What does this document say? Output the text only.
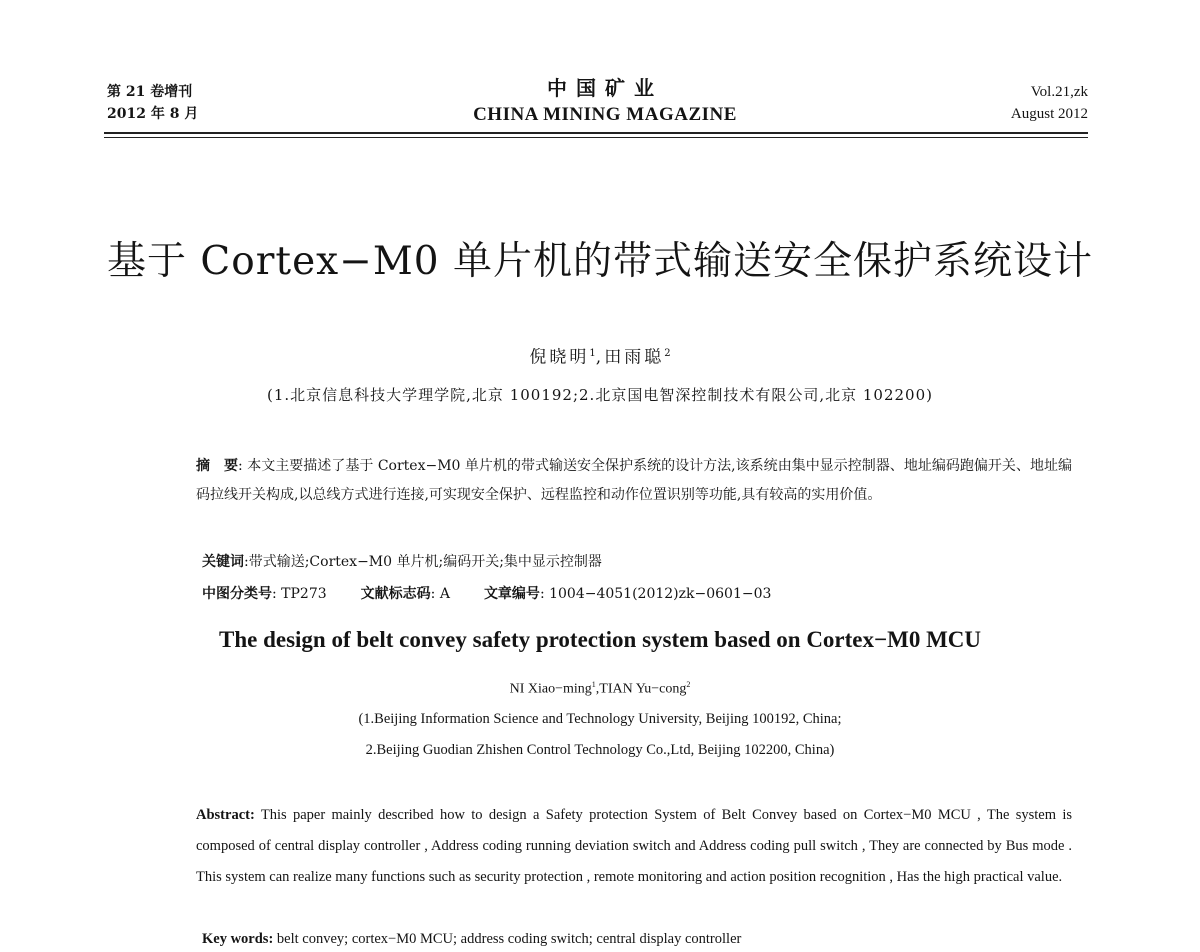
第 21 卷增刊
2012 年 8 月
中国矿业
CHINA MINING MAGAZINE
Vol.21,zk
August 2012
基于 Cortex−M0 单片机的带式输送安全保护系统设计
倪晓明$^1$,田雨聪$^2$
(1.北京信息科技大学理学院,北京 100192;2.北京国电智深控制技术有限公司,北京 102200)
摘　要: 本文主要描述了基于 Cortex−M0 单片机的带式输送安全保护系统的设计方法,该系统由集中显示控制器、地址编码跑偏开关、地址编码拉线开关构成,以总线方式进行连接,可实现安全保护、远程监控和动作位置识别等功能,具有较高的实用价值。
关键词:带式输送;Cortex−M0 单片机;编码开关;集中显示控制器
中图分类号: TP273 文献标志码: A 文章编号: 1004−4051(2012)zk−0601−03
The design of belt convey safety protection system based on Cortex−M0 MCU
NI Xiao−ming$^1$,TIAN Yu−cong$^2$
(1.Beijing Information Science and Technology University, Beijing 100192, China;
2.Beijing Guodian Zhishen Control Technology Co.,Ltd, Beijing 102200, China)
Abstract: This paper mainly described how to design a Safety protection System of Belt Convey based on Cortex−M0 MCU , The system is composed of central display controller , Address coding running deviation switch and Address coding pull switch , They are connected by Bus mode . This system can realize many functions such as security protection , remote monitoring and action position recognition , Has the high practical value.
Key words: belt convey; cortex−M0 MCU; address coding switch; central display controller
